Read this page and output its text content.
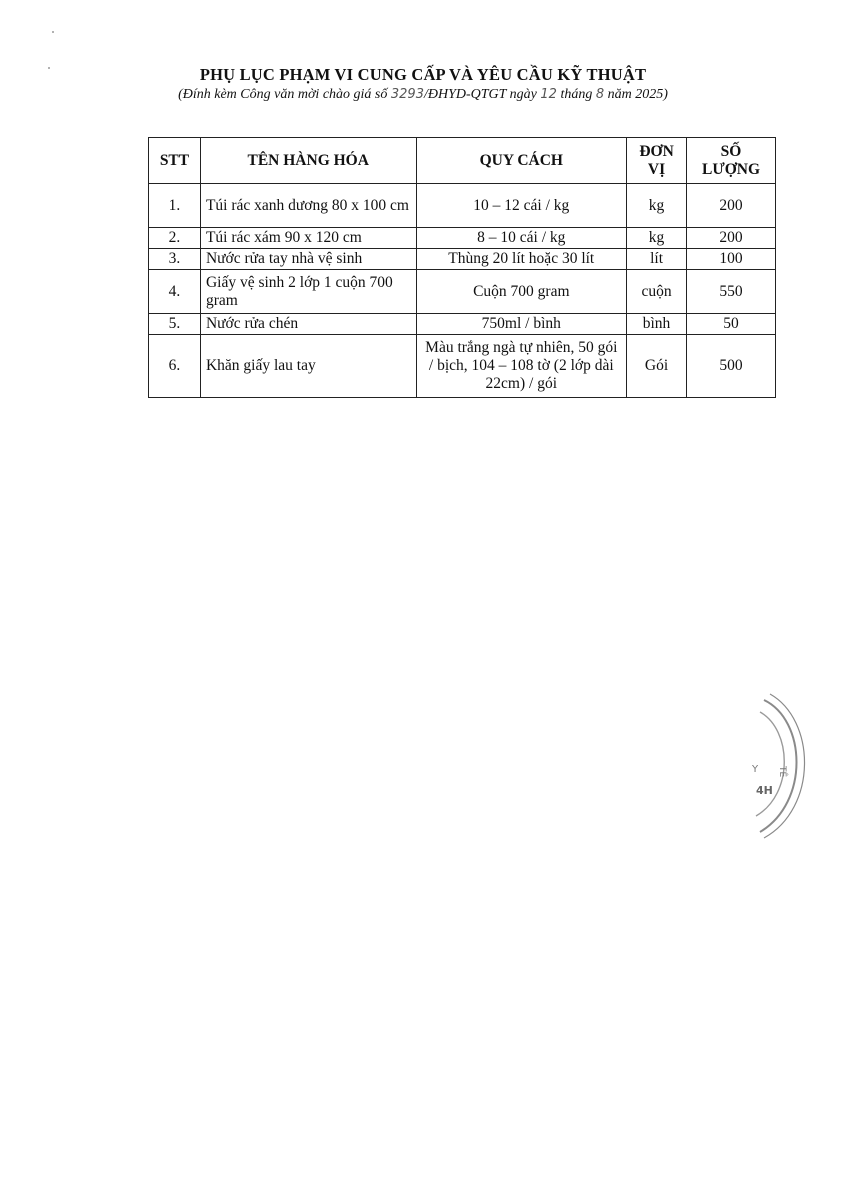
PHỤ LỤC PHẠM VI CUNG CẤP VÀ YÊU CẦU KỸ THUẬT
(Đính kèm Công văn mời chào giá số 3293/ĐHYD-QTGT ngày 12 tháng 8 năm 2025)
STT	TÊN HÀNG HÓA	QUY CÁCH	ĐƠN VỊ	SỐ LƯỢNG
1.	Túi rác xanh dương 80 x 100 cm	10 – 12 cái / kg	kg	200
2.	Túi rác xám 90 x 120 cm	8 – 10 cái / kg	kg	200
3.	Nước rửa tay nhà vệ sinh	Thùng 20 lít hoặc 30 lít	lít	100
4.	Giấy vệ sinh 2 lớp 1 cuộn 700 gram	Cuộn 700 gram	cuộn	550
5.	Nước rửa chén	750ml / bình	bình	50
6.	Khăn giấy lau tay	Màu trắng ngà tự nhiên, 50 gói / bịch, 104 – 108 tờ (2 lớp dài 22cm) / gói	Gói	500
Y
4H
TÊ
